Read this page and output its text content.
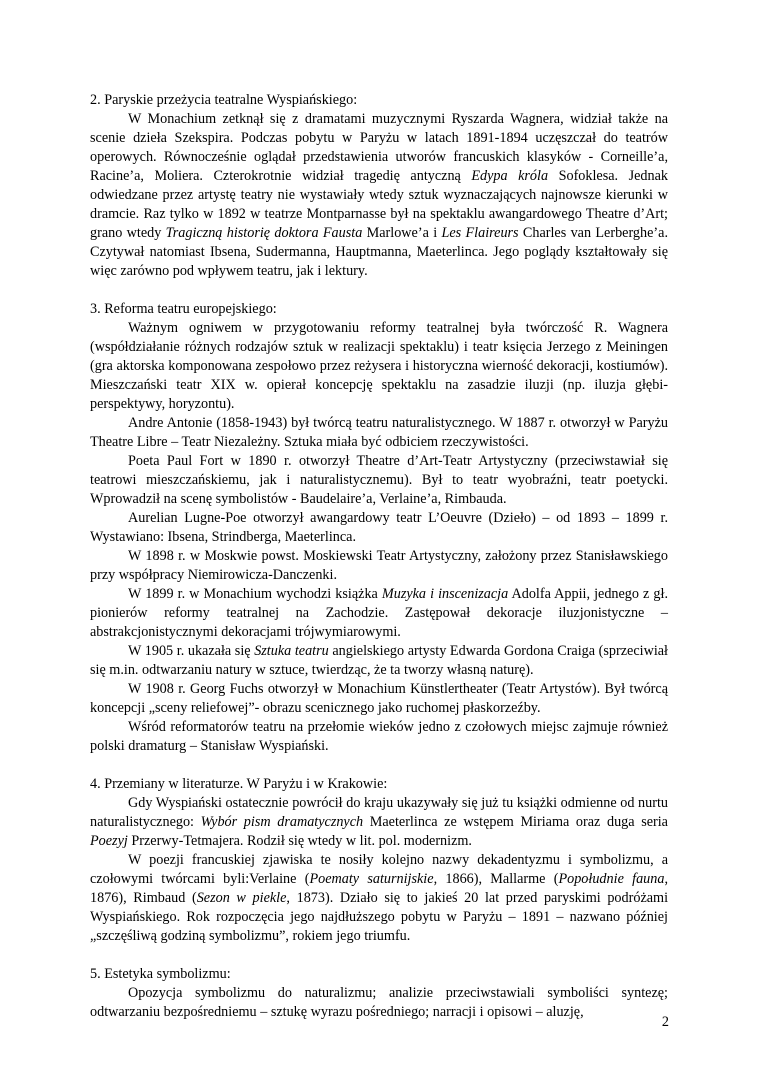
2. Paryskie przeżycia teatralne Wyspiańskiego:

W Monachium zetknął się z dramatami muzycznymi Ryszarda Wagnera, widział także na scenie dzieła Szekspira. Podczas pobytu w Paryżu w latach 1891-1894 uczęszczał do teatrów operowych. Równocześnie oglądał przedstawienia utworów francuskich klasyków - Corneille’a, Racine’a, Moliera. Czterokrotnie widział tragedię antyczną Edypa króla Sofoklesa. Jednak odwiedzane przez artystę teatry nie wystawiały wtedy sztuk wyznaczających najnowsze kierunki w dramcie. Raz tylko w 1892 w teatrze Montparnasse był na spektaklu awangardowego Theatre d’Art; grano wtedy Tragiczną historię doktora Fausta Marlowe’a i Les Flaireurs Charles van Lerberghe’a. Czytywał natomiast Ibsena, Sudermanna, Hauptmanna, Maeterlinca. Jego poglądy kształtowały się więc zarówno pod wpływem teatru, jak i lektury.

3. Reforma teatru europejskiego:

Ważnym ogniwem w przygotowaniu reformy teatralnej była twórczość R. Wagnera (współdziałanie różnych rodzajów sztuk w realizacji spektaklu) i teatr księcia Jerzego z Meiningen (gra aktorska komponowana zespołowo przez reżysera i historyczna wierność dekoracji, kostiumów). Mieszczański teatr XIX w. opierał koncepcję spektaklu na zasadzie iluzji (np. iluzja głębi-perspektywy, horyzontu).

Andre Antonie (1858-1943) był twórcą teatru naturalistycznego. W 1887 r. otworzył w Paryżu Theatre Libre – Teatr Niezależny. Sztuka miała być odbiciem rzeczywistości.

Poeta Paul Fort w 1890 r. otworzył Theatre d’Art-Teatr Artystyczny (przeciwstawiał się teatrowi mieszczańskiemu, jak i naturalistycznemu). Był to teatr wyobraźni, teatr poetycki. Wprowadził na scenę symbolistów - Baudelaire’a, Verlaine’a, Rimbauda.

Aurelian Lugne-Poe otworzył awangardowy teatr L’Oeuvre (Dzieło) – od 1893 – 1899 r. Wystawiano: Ibsena, Strindberga, Maeterlinca.

W 1898 r. w Moskwie powst. Moskiewski Teatr Artystyczny, założony przez Stanisławskiego przy współpracy Niemirowicza-Danczenki.

W 1899 r. w Monachium wychodzi książka Muzyka i inscenizacja Adolfa Appii, jednego z gł. pionierów reformy teatralnej na Zachodzie. Zastępował dekoracje iluzjonistyczne – abstrakcjonistycznymi dekoracjami trójwymiarowymi.

W 1905 r. ukazała się Sztuka teatru angielskiego artysty Edwarda Gordona Craiga (sprzeciwiał się m.in. odtwarzaniu natury w sztuce, twierdząc, że ta tworzy własną naturę).

W 1908 r. Georg Fuchs otworzył w Monachium Künstlertheater (Teatr Artystów). Był twórcą koncepcji „sceny reliefowej”- obrazu scenicznego jako ruchomej płaskorzeźby.

Wśród reformatorów teatru na przełomie wieków jedno z czołowych miejsc zajmuje również polski dramaturg – Stanisław Wyspiański.

4. Przemiany w literaturze. W Paryżu i w Krakowie:

Gdy Wyspiański ostatecznie powrócił do kraju ukazywały się już tu książki odmienne od nurtu naturalistycznego: Wybór pism dramatycznych Maeterlinca ze wstępem Miriama oraz duga seria Poezyj Przerwy-Tetmajera. Rodził się wtedy w lit. pol. modernizm.

W poezji francuskiej zjawiska te nosiły kolejno nazwy dekadentyzmu i symbolizmu, a czołowymi twórcami byli:Verlaine (Poematy saturnijskie, 1866), Mallarme (Popołudnie fauna, 1876), Rimbaud (Sezon w piekle, 1873). Działo się to jakieś 20 lat przed paryskimi podróżami Wyspiańskiego. Rok rozpoczęcia jego najdłuższego pobytu w Paryżu – 1891 – nazwano później „szczęśliwą godziną symbolizmu”, rokiem jego triumfu.

5. Estetyka symbolizmu:

Opozycja symbolizmu do naturalizmu; analizie przeciwstawiali symboliści syntezę; odtwarzaniu bezpośredniemu – sztukę wyrazu pośredniego; narracji i opisowi – aluzję,

2
